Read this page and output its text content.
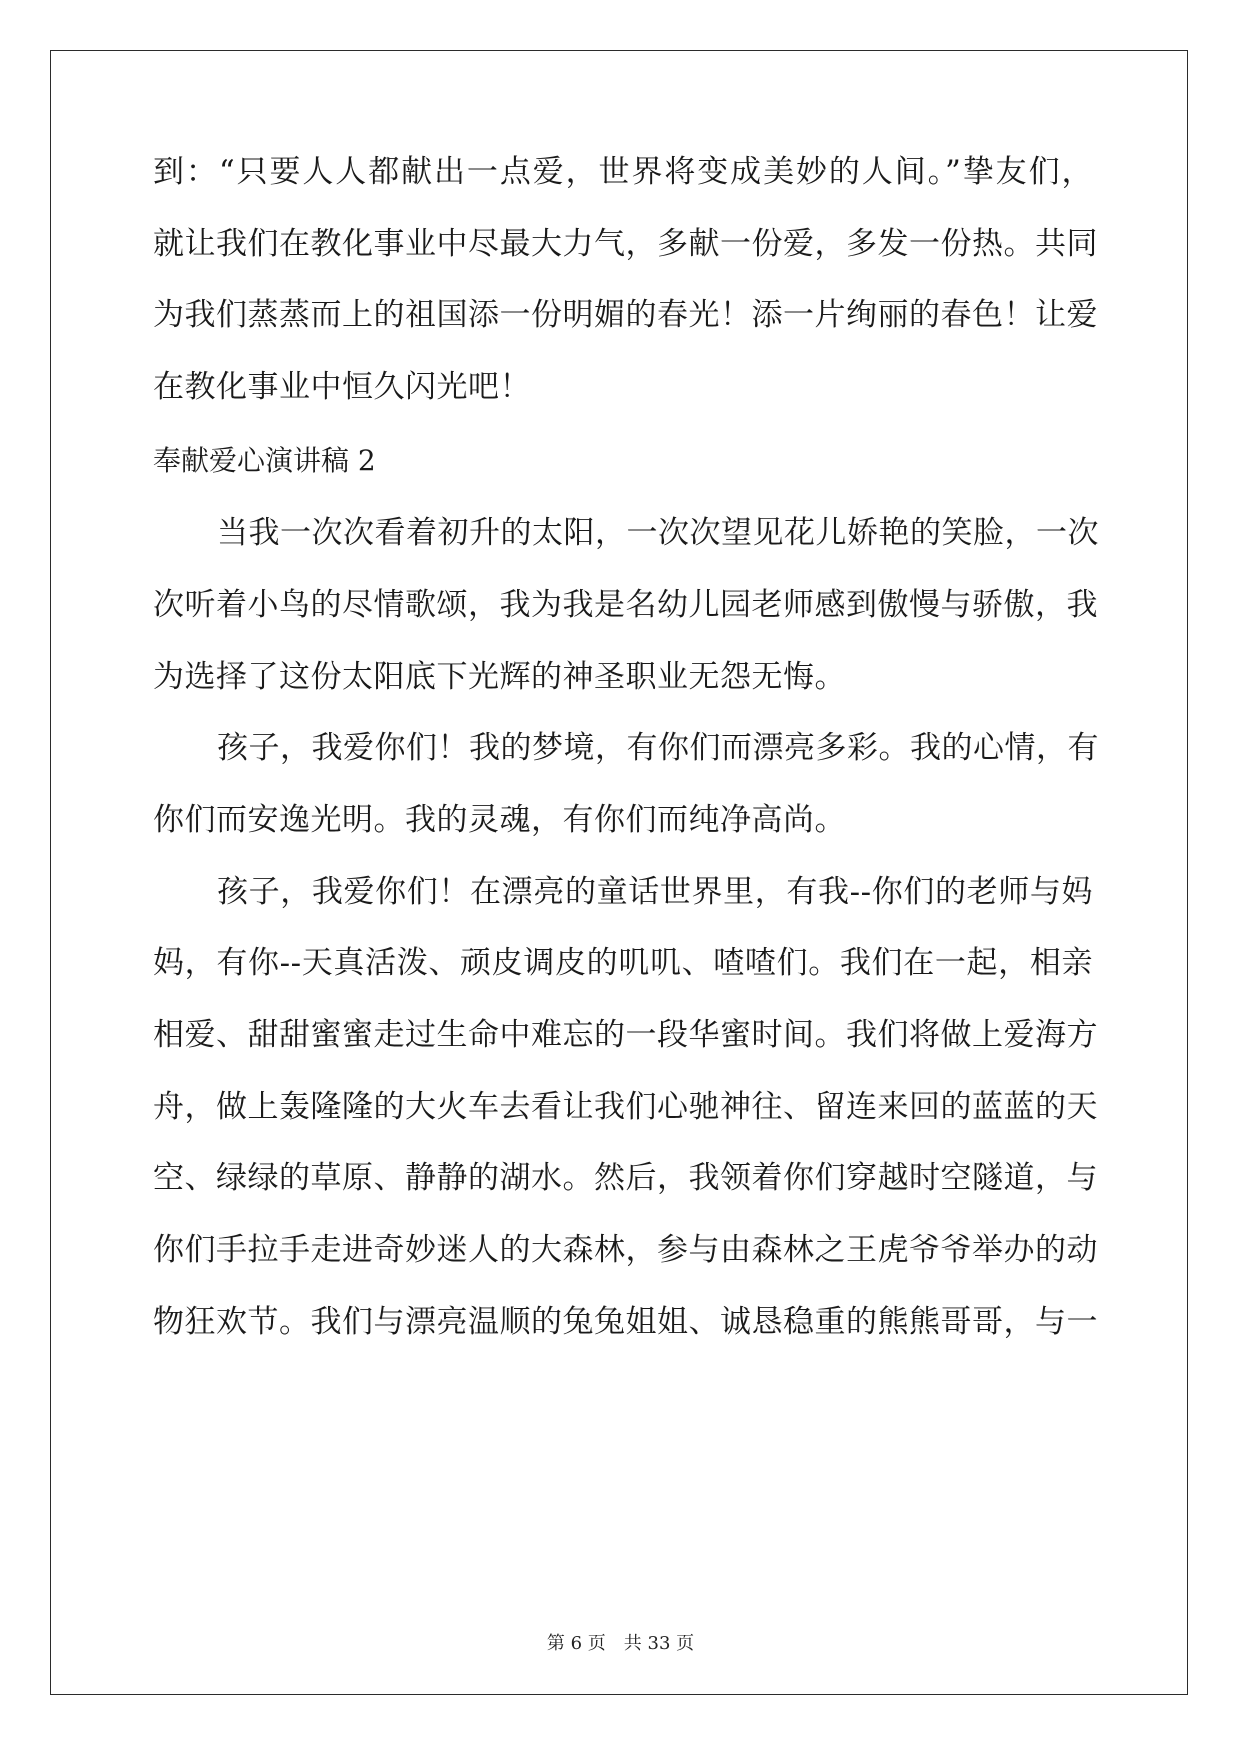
到：“只要人人都献出一点爱，世界将变成美妙的人间。”挚友们，
就让我们在教化事业中尽最大力气，多献一份爱，多发一份热。共同
为我们蒸蒸而上的祖国添一份明媚的春光！添一片绚丽的春色！让爱
在教化事业中恒久闪光吧！
奉献爱心演讲稿 2
当我一次次看着初升的太阳，一次次望见花儿娇艳的笑脸，一次
次听着小鸟的尽情歌颂，我为我是名幼儿园老师感到傲慢与骄傲，我
为选择了这份太阳底下光辉的神圣职业无怨无悔。
孩子，我爱你们！我的梦境，有你们而漂亮多彩。我的心情，有
你们而安逸光明。我的灵魂，有你们而纯净高尚。
孩子，我爱你们！在漂亮的童话世界里，有我--你们的老师与妈
妈，有你--天真活泼、顽皮调皮的叽叽、喳喳们。我们在一起，相亲
相爱、甜甜蜜蜜走过生命中难忘的一段华蜜时间。我们将做上爱海方
舟，做上轰隆隆的大火车去看让我们心驰神往、留连来回的蓝蓝的天
空、绿绿的草原、静静的湖水。然后，我领着你们穿越时空隧道，与
你们手拉手走进奇妙迷人的大森林，参与由森林之王虎爷爷举办的动
物狂欢节。我们与漂亮温顺的兔兔姐姐、诚恳稳重的熊熊哥哥，与一
第 6 页 共 33 页
